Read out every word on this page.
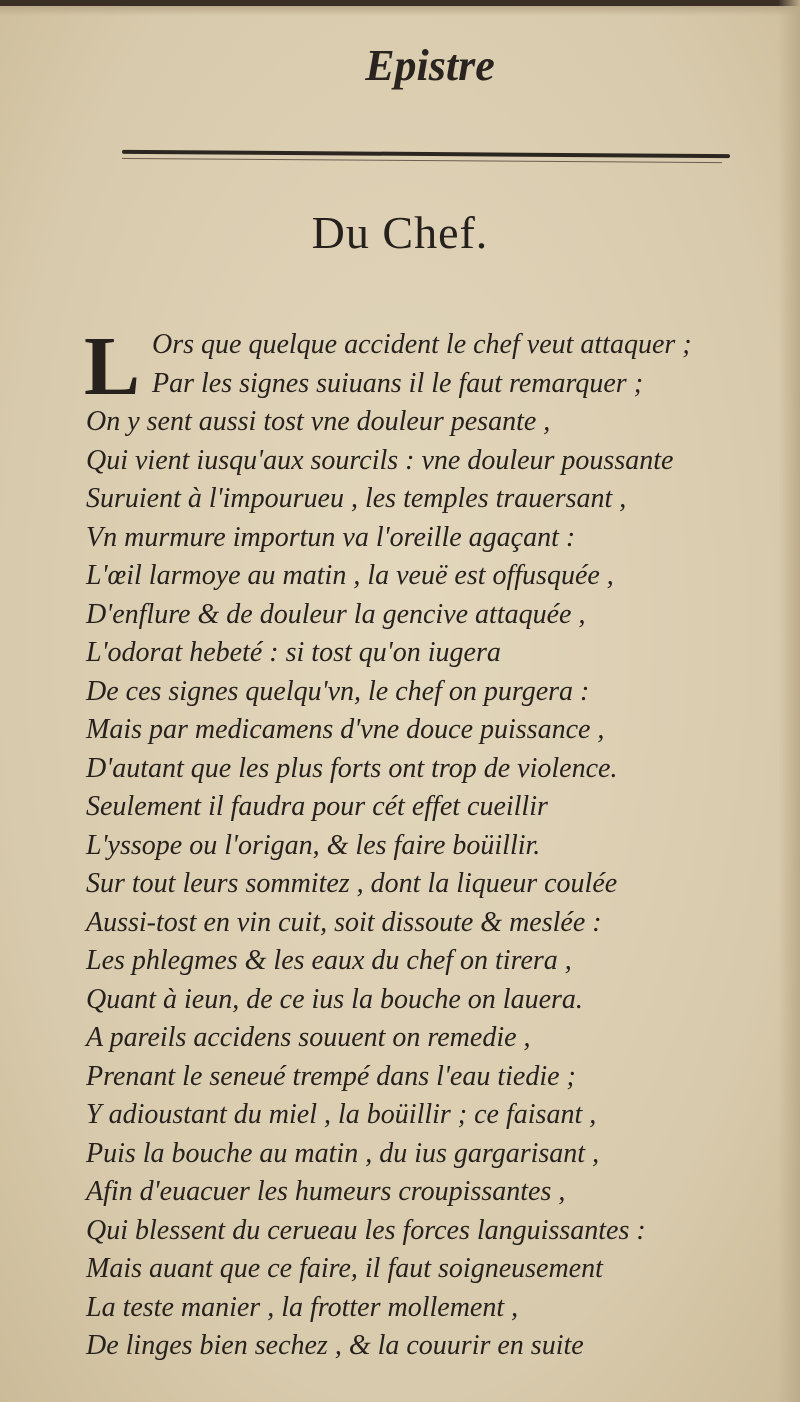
Epistre
Du Chef.
L Ors que quelque accident le chef veut attaquer ;
Par les signes suiuans il le faut remarquer ;
On y sent aussi tost vne douleur pesante ,
Qui vient iusqu'aux sourcils : vne douleur poussante
Suruient à l'impourueu , les temples trauersant ,
Vn murmure importun va l'oreille agaçant :
L'œil larmoye au matin , la veuë est offusquée ,
D'enflure & de douleur la gencive attaquée ,
L'odorat hebeté : si tost qu'on iugera
De ces signes quelqu'vn, le chef on purgera :
Mais par medicamens d'vne douce puissance ,
D'autant que les plus forts ont trop de violence.
Seulement il faudra pour cét effet cueillir
L'yssope ou l'origan, & les faire boüillir.
Sur tout leurs sommitez , dont la liqueur coulée
Aussi-tost en vin cuit, soit dissoute & meslée :
Les phlegmes & les eaux du chef on tirera ,
Quant à ieun, de ce ius la bouche on lauera.
A pareils accidens souuent on remedie ,
Prenant le seneué trempé dans l'eau tiedie ;
Y adioustant du miel , la boüillir ; ce faisant ,
Puis la bouche au matin , du ius gargarisant ,
Afin d'euacuer les humeurs croupissantes ,
Qui blessent du cerueau les forces languissantes :
Mais auant que ce faire, il faut soigneusement
La teste manier , la frotter mollement ,
De linges bien sechez , & la couurir en suite
